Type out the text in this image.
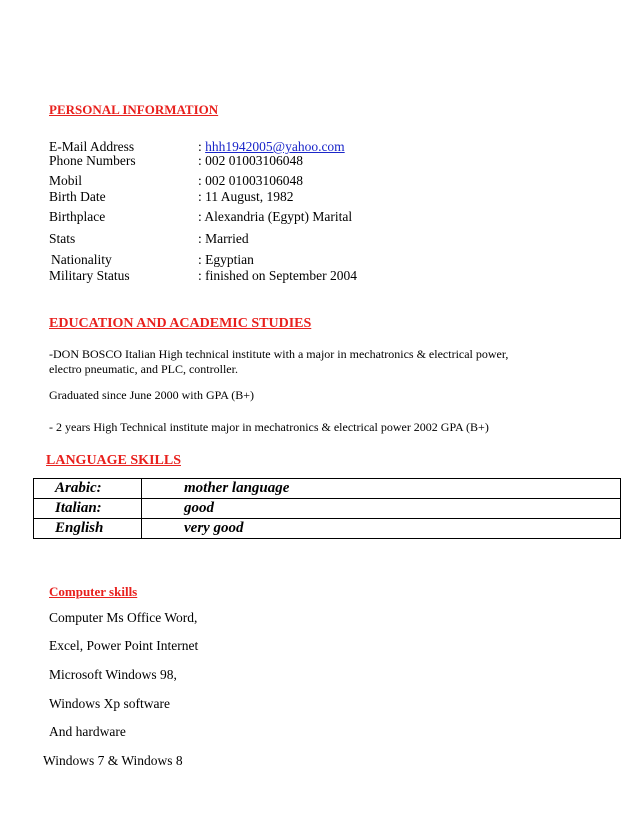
PERSONAL INFORMATION
E-Mail Address	: hhh1942005@yahoo.com
Phone Numbers	: 002 01003106048
Mobil	: 002 01003106048
Birth Date	: 11 August, 1982
Birthplace	: Alexandria (Egypt) Marital
Stats	: Married
Nationality	: Egyptian
Military Status	: finished on September 2004
EDUCATION AND ACADEMIC STUDIES
-DON BOSCO Italian High technical institute with a major in mechatronics & electrical power, electro pneumatic, and PLC, controller.
Graduated since June 2000 with GPA (B+)
- 2 years High Technical institute major in mechatronics & electrical power 2002 GPA (B+)
LANGUAGE SKILLS
Arabic:	mother language
Italian:	good
English	very good
Computer skills
Computer Ms Office Word,
Excel, Power Point Internet
Microsoft Windows 98,
Windows Xp software
And hardware
Windows 7 & Windows 8
